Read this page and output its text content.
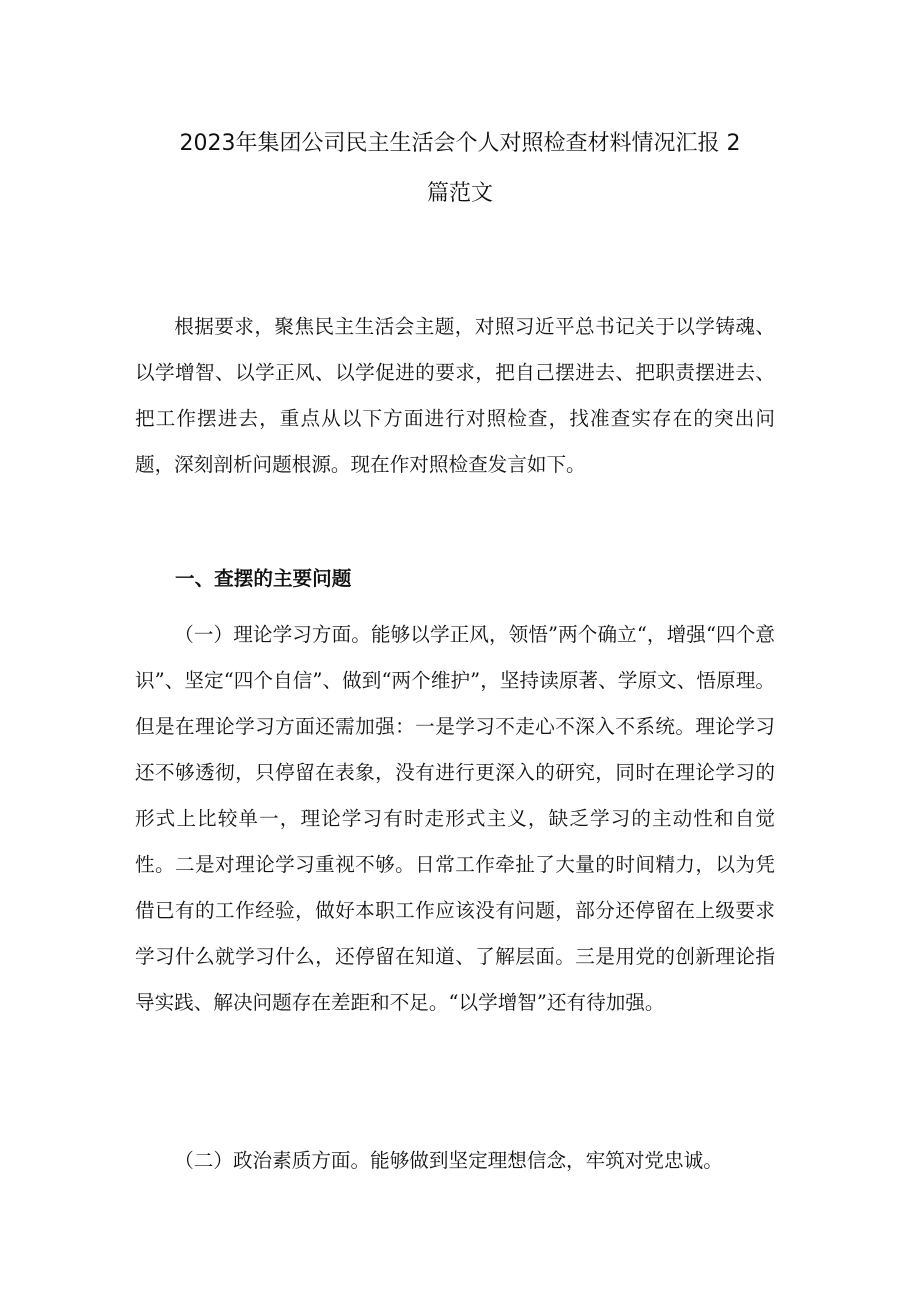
2023年集团公司民主生活会个人对照检查材料情况汇报 2
篇范文

根据要求，聚焦民主生活会主题，对照习近平总书记关于以学铸魂、以学增智、以学正风、以学促进的要求，把自己摆进去、把职责摆进去、把工作摆进去，重点从以下方面进行对照检查，找准查实存在的突出问题，深刻剖析问题根源。现在作对照检查发言如下。

一、查摆的主要问题

（一）理论学习方面。能够以学正风，领悟”两个确立“，增强“四个意识”、坚定“四个自信”、做到“两个维护”，坚持读原著、学原文、悟原理。但是在理论学习方面还需加强：一是学习不走心不深入不系统。理论学习还不够透彻，只停留在表象，没有进行更深入的研究，同时在理论学习的形式上比较单一，理论学习有时走形式主义，缺乏学习的主动性和自觉性。二是对理论学习重视不够。日常工作牵扯了大量的时间精力，以为凭借已有的工作经验，做好本职工作应该没有问题，部分还停留在上级要求学习什么就学习什么，还停留在知道、了解层面。三是用党的创新理论指导实践、解决问题存在差距和不足。“以学增智”还有待加强。

（二）政治素质方面。能够做到坚定理想信念，牢筑对党忠诚。
